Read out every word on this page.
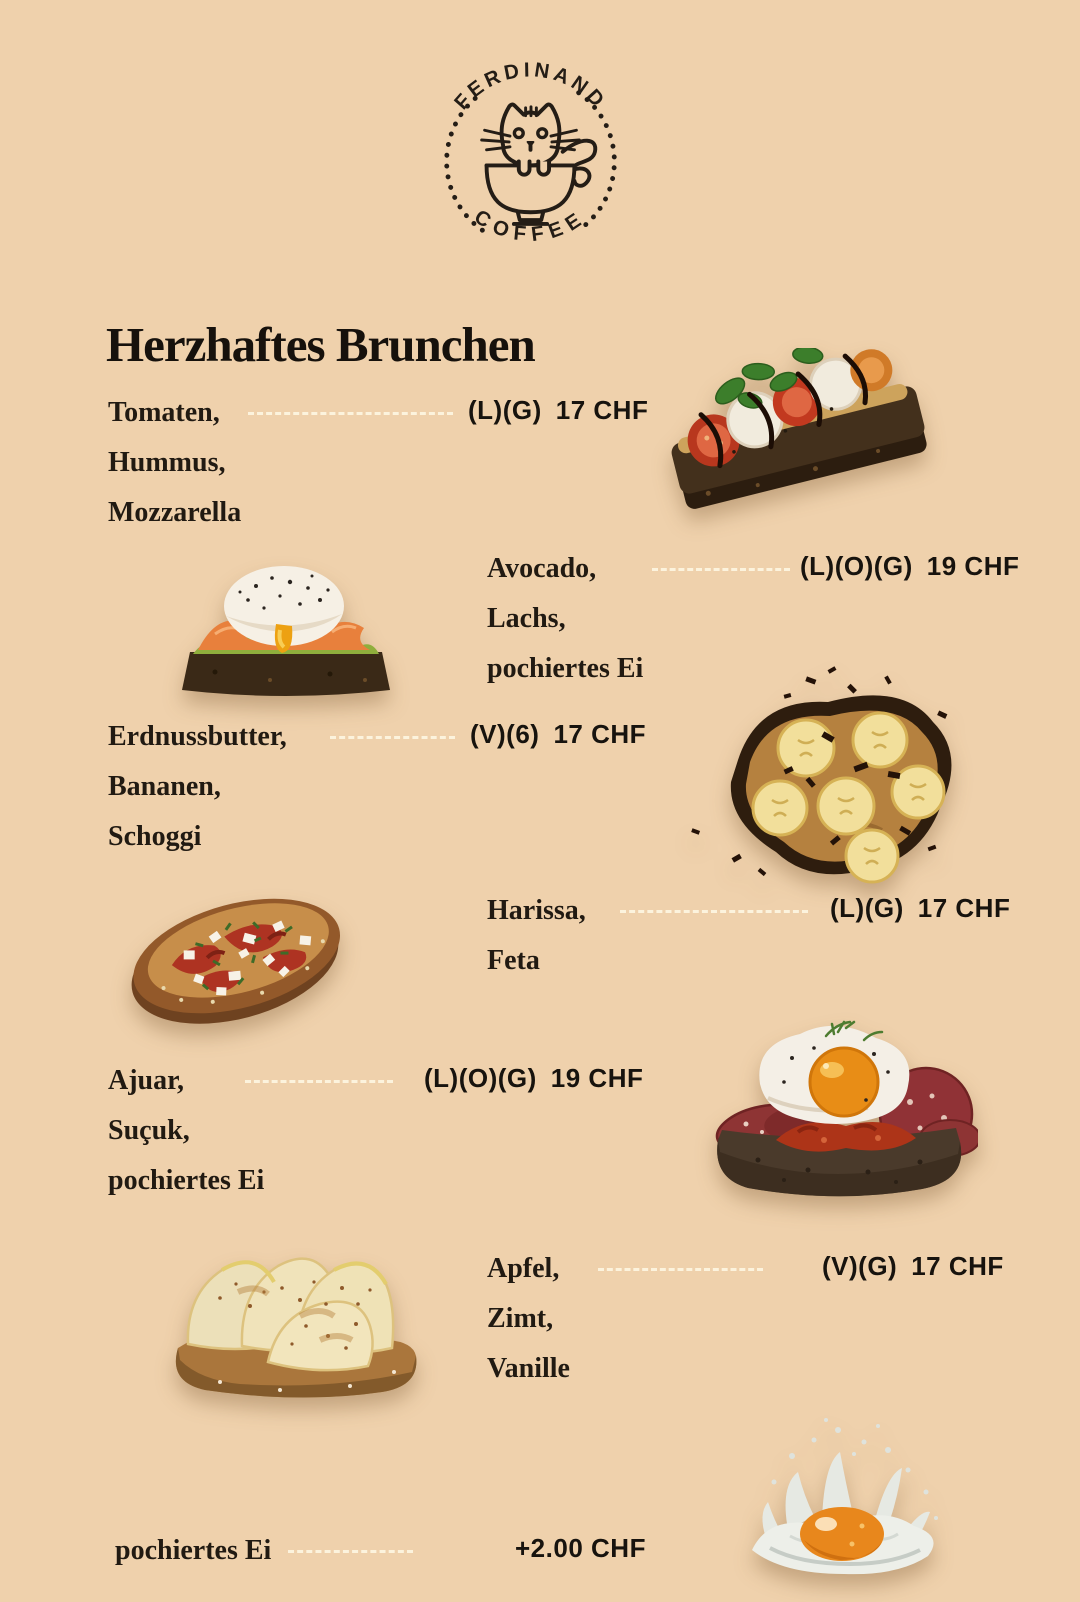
FERDINAND
COFFEE
Herzhaftes Brunchen
Tomaten,
Hummus,
Mozzarella
(L)(G) 17 CHF
Avocado,
Lachs,
pochiertes Ei
(L)(O)(G) 19 CHF
Erdnussbutter,
Bananen,
Schoggi
(V)(6) 17 CHF
Harissa,
Feta
(L)(G) 17 CHF
Ajuar,
Suçuk,
pochiertes Ei
(L)(O)(G) 19 CHF
Apfel,
Zimt,
Vanille
(V)(G) 17 CHF
pochiertes Ei	+2.00 CHF
